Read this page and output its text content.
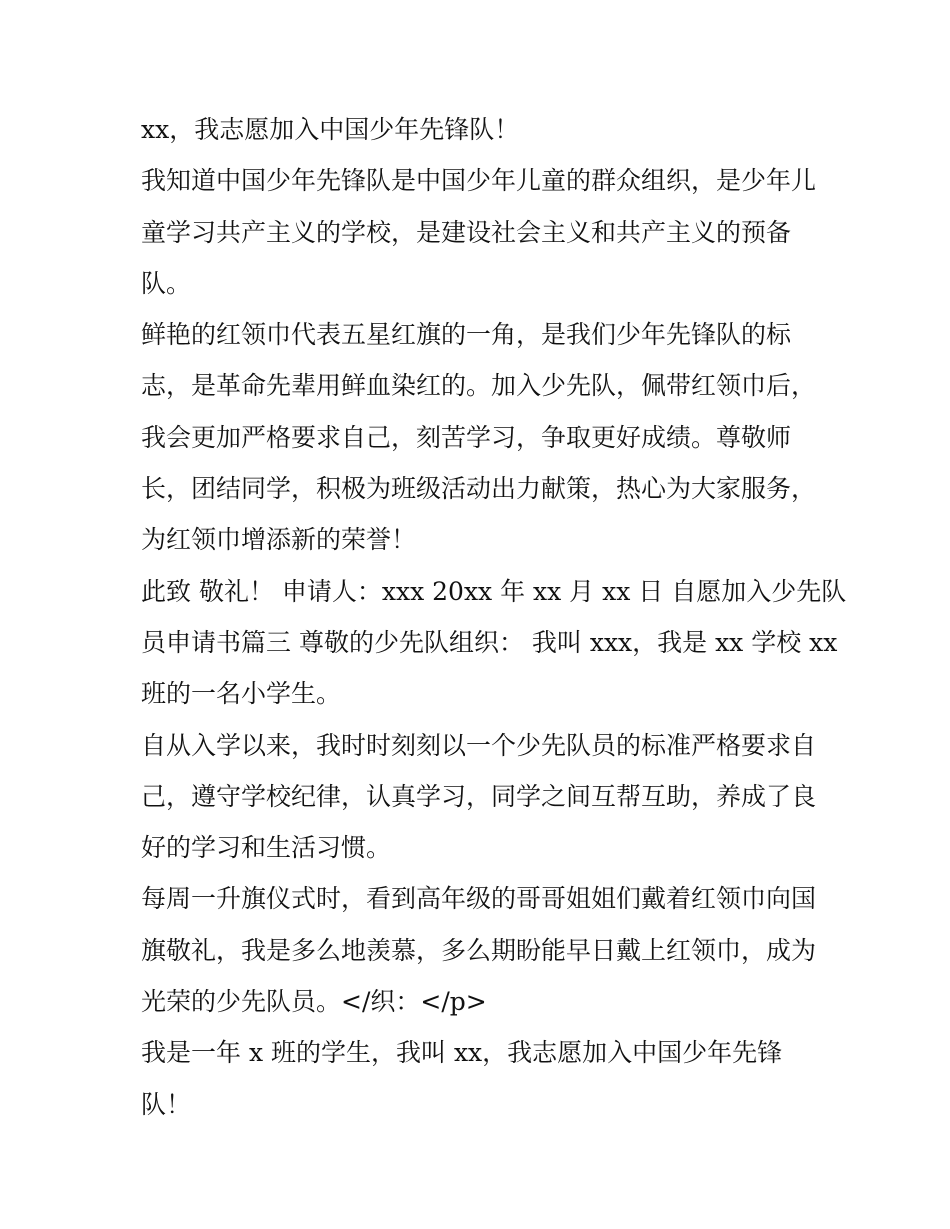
xx，我志愿加入中国少年先锋队！
我知道中国少年先锋队是中国少年儿童的群众组织，是少年儿
童学习共产主义的学校，是建设社会主义和共产主义的预备
队。
鲜艳的红领巾代表五星红旗的一角，是我们少年先锋队的标
志，是革命先辈用鲜血染红的。加入少先队，佩带红领巾后，
我会更加严格要求自己，刻苦学习，争取更好成绩。尊敬师
长，团结同学，积极为班级活动出力献策，热心为大家服务，
为红领巾增添新的荣誉！
此致 敬礼！ 申请人：xxx 20xx 年 xx 月 xx 日 自愿加入少先队
员申请书篇三 尊敬的少先队组织： 我叫 xxx，我是 xx 学校 xx
班的一名小学生。
自从入学以来，我时时刻刻以一个少先队员的标准严格要求自
己，遵守学校纪律，认真学习，同学之间互帮互助，养成了良
好的学习和生活习惯。
每周一升旗仪式时，看到高年级的哥哥姐姐们戴着红领巾向国
旗敬礼，我是多么地羡慕，多么期盼能早日戴上红领巾，成为
光荣的少先队员。</织：</p>
我是一年 x 班的学生，我叫 xx，我志愿加入中国少年先锋
队！
